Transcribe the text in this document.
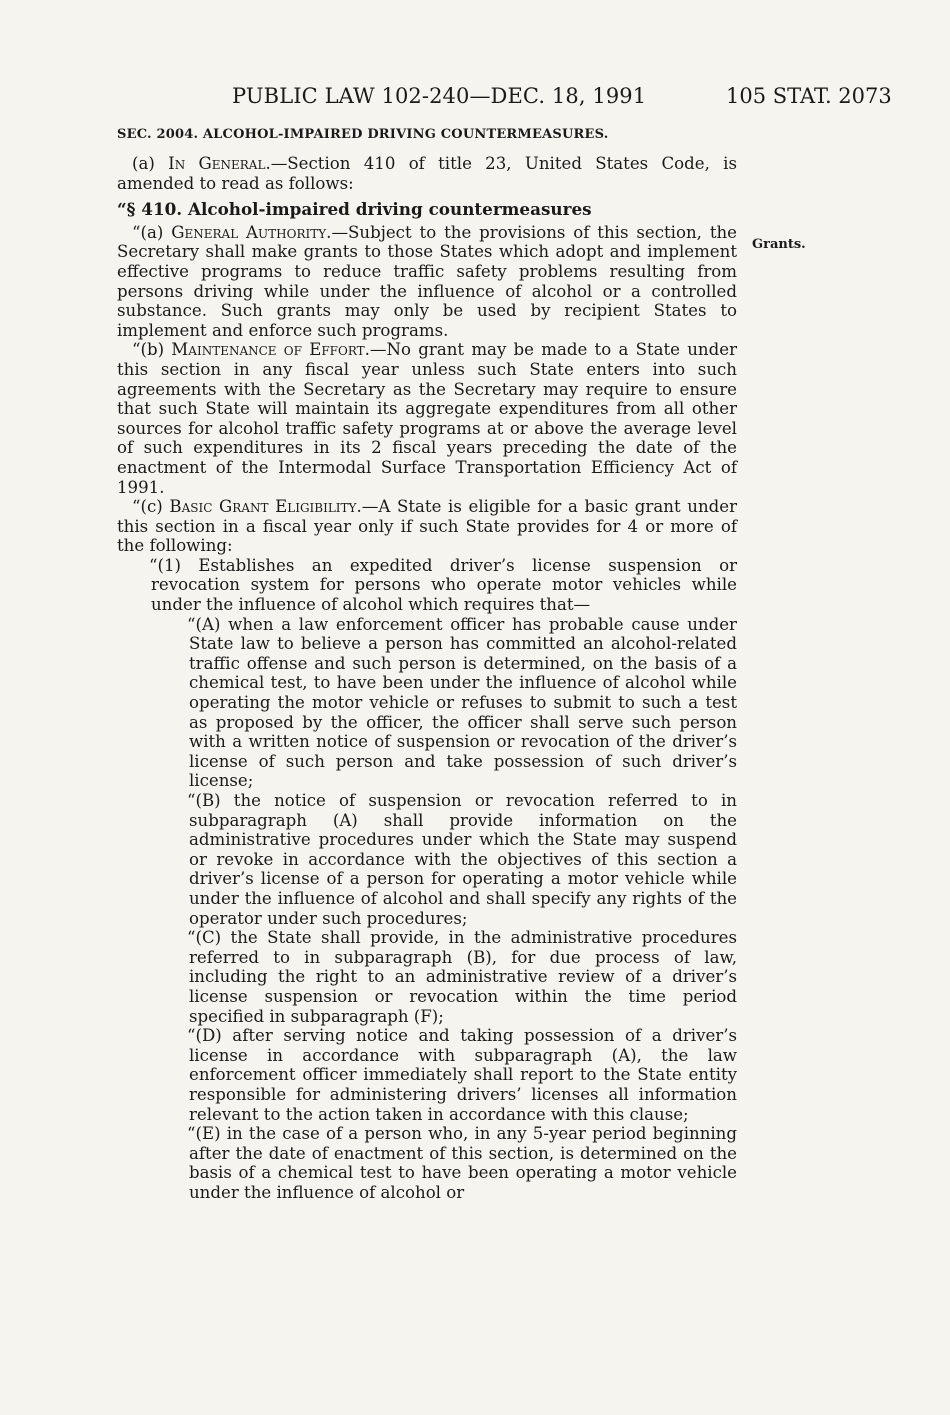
PUBLIC LAW 102-240—DEC. 18, 1991	105 STAT. 2073
SEC. 2004. ALCOHOL-IMPAIRED DRIVING COUNTERMEASURES.
Grants.
(a) In General.—Section 410 of title 23, United States Code, is amended to read as follows:
“§ 410. Alcohol-impaired driving countermeasures
“(a) General Authority.—Subject to the provisions of this section, the Secretary shall make grants to those States which adopt and implement effective programs to reduce traffic safety problems resulting from persons driving while under the influence of alcohol or a controlled substance. Such grants may only be used by recipient States to implement and enforce such programs.
“(b) Maintenance of Effort.—No grant may be made to a State under this section in any fiscal year unless such State enters into such agreements with the Secretary as the Secretary may require to ensure that such State will maintain its aggregate expenditures from all other sources for alcohol traffic safety programs at or above the average level of such expenditures in its 2 fiscal years preceding the date of the enactment of the Intermodal Surface Transportation Efficiency Act of 1991.
“(c) Basic Grant Eligibility.—A State is eligible for a basic grant under this section in a fiscal year only if such State provides for 4 or more of the following:
“(1) Establishes an expedited driver’s license suspension or revocation system for persons who operate motor vehicles while under the influence of alcohol which requires that—
“(A) when a law enforcement officer has probable cause under State law to believe a person has committed an alcohol-related traffic offense and such person is determined, on the basis of a chemical test, to have been under the influence of alcohol while operating the motor vehicle or refuses to submit to such a test as proposed by the officer, the officer shall serve such person with a written notice of suspension or revocation of the driver’s license of such person and take possession of such driver’s license;
“(B) the notice of suspension or revocation referred to in subparagraph (A) shall provide information on the administrative procedures under which the State may suspend or revoke in accordance with the objectives of this section a driver’s license of a person for operating a motor vehicle while under the influence of alcohol and shall specify any rights of the operator under such procedures;
“(C) the State shall provide, in the administrative procedures referred to in subparagraph (B), for due process of law, including the right to an administrative review of a driver’s license suspension or revocation within the time period specified in subparagraph (F);
“(D) after serving notice and taking possession of a driver’s license in accordance with subparagraph (A), the law enforcement officer immediately shall report to the State entity responsible for administering drivers’ licenses all information relevant to the action taken in accordance with this clause;
“(E) in the case of a person who, in any 5-year period beginning after the date of enactment of this section, is determined on the basis of a chemical test to have been operating a motor vehicle under the influence of alcohol or
